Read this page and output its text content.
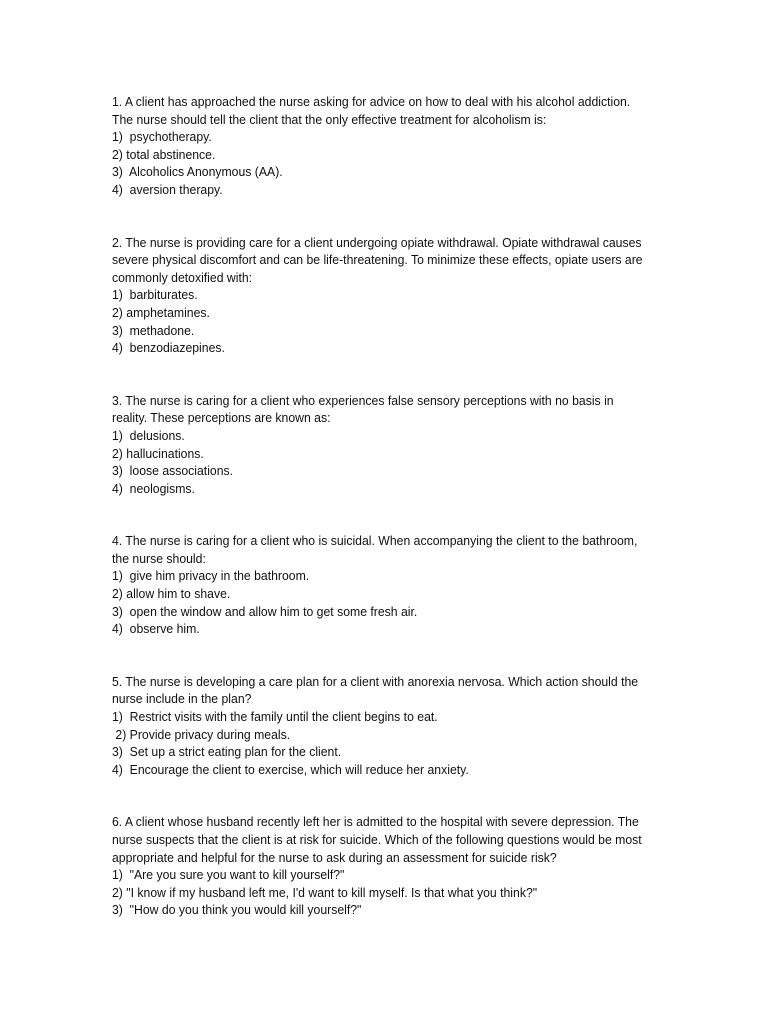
1. A client has approached the nurse asking for advice on how to deal with his alcohol addiction.
The nurse should tell the client that the only effective treatment for alcoholism is:
1)  psychotherapy.
2) total abstinence.
3)  Alcoholics Anonymous (AA).
4)  aversion therapy.
2. The nurse is providing care for a client undergoing opiate withdrawal. Opiate withdrawal causes
severe physical discomfort and can be life-threatening. To minimize these effects, opiate users are
commonly detoxified with:
1)  barbiturates.
2) amphetamines.
3)  methadone.
4)  benzodiazepines.
3. The nurse is caring for a client who experiences false sensory perceptions with no basis in
reality. These perceptions are known as:
1)  delusions.
2) hallucinations.
3)  loose associations.
4)  neologisms.
4. The nurse is caring for a client who is suicidal. When accompanying the client to the bathroom,
the nurse should:
1)  give him privacy in the bathroom.
2) allow him to shave.
3)  open the window and allow him to get some fresh air.
4)  observe him.
5. The nurse is developing a care plan for a client with anorexia nervosa. Which action should the
nurse include in the plan?
1)  Restrict visits with the family until the client begins to eat.
2) Provide privacy during meals.
3)  Set up a strict eating plan for the client.
4)  Encourage the client to exercise, which will reduce her anxiety.
6. A client whose husband recently left her is admitted to the hospital with severe depression. The
nurse suspects that the client is at risk for suicide. Which of the following questions would be most
appropriate and helpful for the nurse to ask during an assessment for suicide risk?
1)  "Are you sure you want to kill yourself?"
2) "I know if my husband left me, I'd want to kill myself. Is that what you think?"
3)  "How do you think you would kill yourself?"
